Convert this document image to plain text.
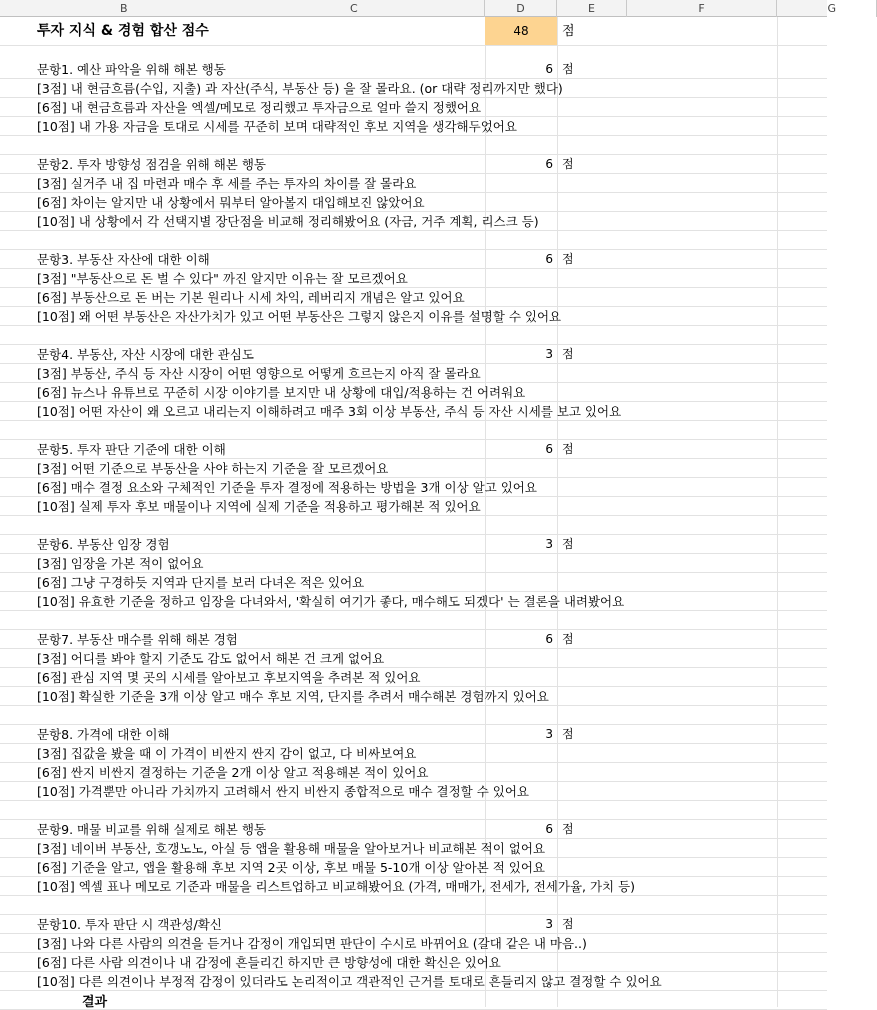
B	C	D	E	F	G
투자 지식 & 경험 합산 점수	48	점
문항1. 예산 파악을 위해 해본 행동	6 점
[3점] 내 현금흐름(수입, 지출) 과 자산(주식, 부동산 등) 을 잘 몰라요. (or 대략 정리까지만 했다)
[6점] 내 현금흐름과 자산을 엑셀/메모로 정리했고 투자금으로 얼마 쓸지 정했어요
[10점] 내 가용 자금을 토대로 시세를 꾸준히 보며 대략적인 후보 지역을 생각해두었어요
문항2. 투자 방향성 점검을 위해 해본 행동	6 점
[3점] 실거주 내 집 마련과 매수 후 세를 주는 투자의 차이를 잘 몰라요
[6점] 차이는 알지만 내 상황에서 뭐부터 알아볼지 대입해보진 않았어요
[10점] 내 상황에서 각 선택지별 장단점을 비교해 정리해봤어요 (자금, 거주 계획, 리스크 등)
문항3. 부동산 자산에 대한 이해	6 점
[3점] "부동산으로 돈 벌 수 있다" 까진 알지만 이유는 잘 모르겠어요
[6점] 부동산으로 돈 버는 기본 원리나 시세 차익, 레버리지 개념은 알고 있어요
[10점] 왜 어떤 부동산은 자산가치가 있고 어떤 부동산은 그렇지 않은지 이유를 설명할 수 있어요
문항4. 부동산, 자산 시장에 대한 관심도	3 점
[3점] 부동산, 주식 등 자산 시장이 어떤 영향으로 어떻게 흐르는지 아직 잘 몰라요
[6점] 뉴스나 유튜브로 꾸준히 시장 이야기를 보지만 내 상황에 대입/적용하는 건 어려워요
[10점] 어떤 자산이 왜 오르고 내리는지 이해하려고 매주 3회 이상 부동산, 주식 등 자산 시세를 보고 있어요
문항5. 투자 판단 기준에 대한 이해	6 점
[3점] 어떤 기준으로 부동산을 사야 하는지 기준을 잘 모르겠어요
[6점] 매수 결정 요소와 구체적인 기준을 투자 결정에 적용하는 방법을 3개 이상 알고 있어요
[10점] 실제 투자 후보 매물이나 지역에 실제 기준을 적용하고 평가해본 적 있어요
문항6. 부동산 임장 경험	3 점
[3점] 임장을 가본 적이 없어요
[6점] 그냥 구경하듯 지역과 단지를 보러 다녀온 적은 있어요
[10점] 유효한 기준을 정하고 임장을 다녀와서, '확실히 여기가 좋다, 매수해도 되겠다' 는 결론을 내려봤어요
문항7. 부동산 매수를 위해 해본 경험	6 점
[3점] 어디를 봐야 할지 기준도 감도 없어서 해본 건 크게 없어요
[6점] 관심 지역 몇 곳의 시세를 알아보고 후보지역을 추려본 적 있어요
[10점] 확실한 기준을 3개 이상 알고 매수 후보 지역, 단지를 추려서 매수해본 경험까지 있어요
문항8. 가격에 대한 이해	3 점
[3점] 집값을 봤을 때 이 가격이 비싼지 싼지 감이 없고, 다 비싸보여요
[6점] 싼지 비싼지 결정하는 기준을 2개 이상 알고 적용해본 적이 있어요
[10점] 가격뿐만 아니라 가치까지 고려해서 싼지 비싼지 종합적으로 매수 결정할 수 있어요
문항9. 매물 비교를 위해 실제로 해본 행동	6 점
[3점] 네이버 부동산, 호갱노노, 아실 등 앱을 활용해 매물을 알아보거나 비교해본 적이 없어요
[6점] 기준을 알고, 앱을 활용해 후보 지역 2곳 이상, 후보 매물 5-10개 이상 알아본 적 있어요
[10점] 엑셀 표나 메모로 기준과 매물을 리스트업하고 비교해봤어요 (가격, 매매가, 전세가, 전세가율, 가치 등)
문항10. 투자 판단 시 객관성/확신	3 점
[3점] 나와 다른 사람의 의견을 듣거나 감정이 개입되면 판단이 수시로 바뀌어요 (갈대 같은 내 마음..)
[6점] 다른 사람 의견이나 내 감정에 흔들리긴 하지만 큰 방향성에 대한 확신은 있어요
[10점] 다른 의견이나 부정적 감정이 있더라도 논리적이고 객관적인 근거를 토대로 흔들리지 않고 결정할 수 있어요
결과
